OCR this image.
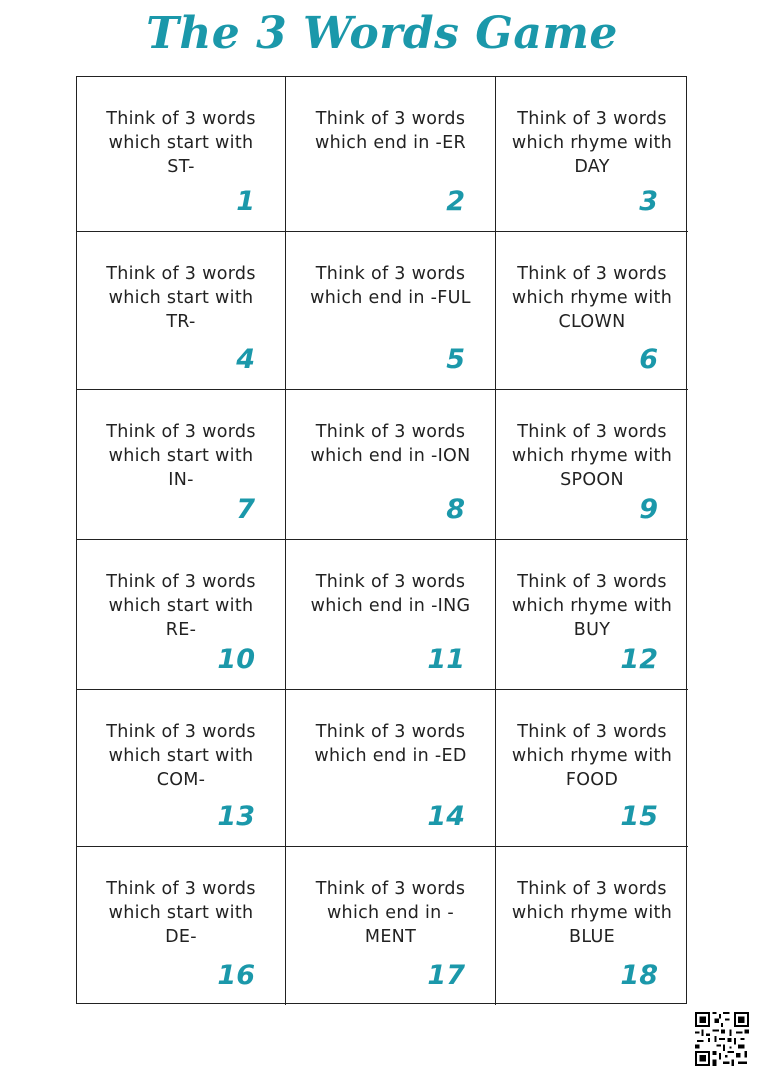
The 3 Words Game
Think of 3 words
which start with
ST-
1
Think of 3 words
which end in -ER
2
Think of 3 words
which rhyme with
DAY
3
Think of 3 words
which start with
TR-
4
Think of 3 words
which end in -FUL
5
Think of 3 words
which rhyme with
CLOWN
6
Think of 3 words
which start with
IN-
7
Think of 3 words
which end in -ION
8
Think of 3 words
which rhyme with
SPOON
9
Think of 3 words
which start with
RE-
10
Think of 3 words
which end in -ING
11
Think of 3 words
which rhyme with
BUY
12
Think of 3 words
which start with
COM-
13
Think of 3 words
which end in -ED
14
Think of 3 words
which rhyme with
FOOD
15
Think of 3 words
which start with
DE-
16
Think of 3 words
which end in -
MENT
17
Think of 3 words
which rhyme with
BLUE
18
